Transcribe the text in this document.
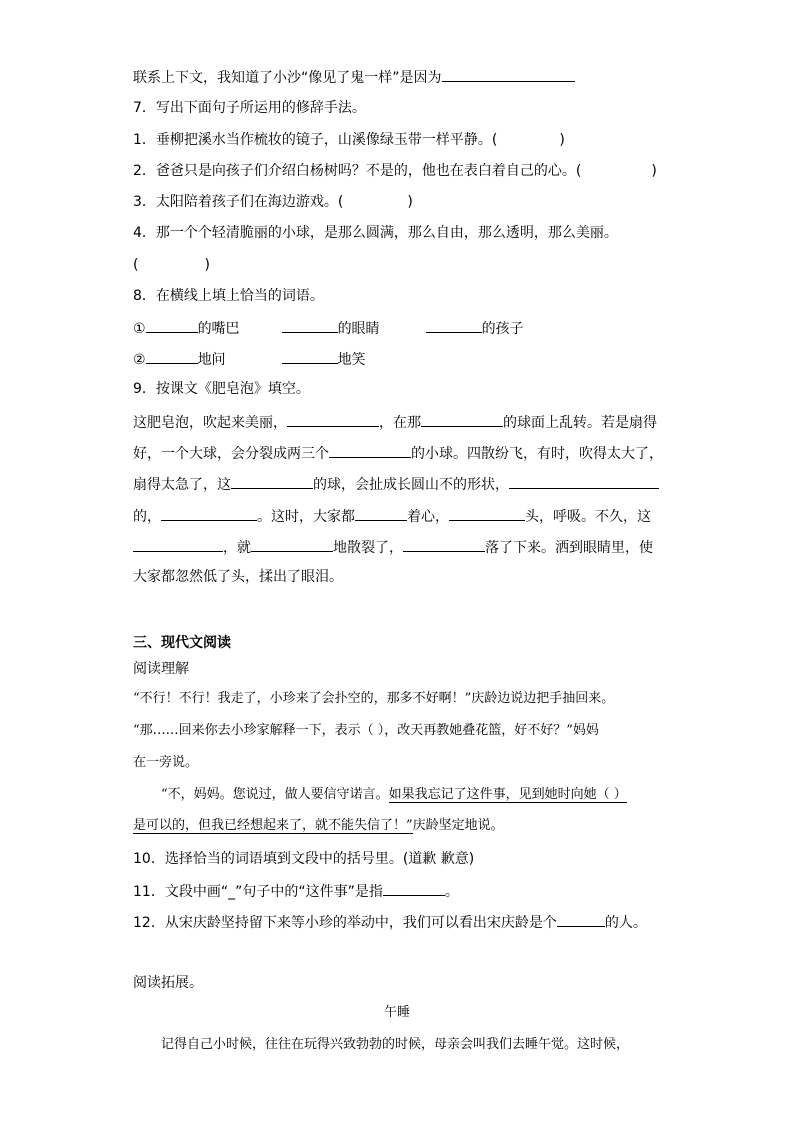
联系上下文，我知道了小沙“像见了鬼一样”是因为
7．写出下面句子所运用的修辞手法。
1．垂柳把溪水当作梳妆的镜子，山溪像绿玉带一样平静。(	)
2．爸爸只是向孩子们介绍白杨树吗？不是的，他也在表白着自己的心。(	)
3．太阳陪着孩子们在海边游戏。(	)
4．那一个个轻清脆丽的小球，是那么圆满，那么自由，那么透明，那么美丽。
(	)
8．在横线上填上恰当的词语。
①	的嘴巴	的眼睛	的孩子
②	地问	地笑
9．按课文《肥皂泡》填空。
这肥皂泡，吹起来美丽，	，在那	的球面上乱转。若是扇得
好，一个大球，会分裂成两三个	的小球。四散纷飞，有时，吹得太大了，
扇得太急了，这	的球，会扯成长圆山不的形状，
的，	。这时，大家都	着心，	头，呼吸。不久，这
，就	地散裂了，	落了下来。洒到眼睛里，使
大家都忽然低了头，揉出了眼泪。
三、现代文阅读
阅读理解
“不行！不行！我走了，小珍来了会扑空的，那多不好啊！”庆龄边说边把手抽回来。
“那……回来你去小珍家解释一下，表示（ ），改天再教她叠花篮，好不好？”妈妈
在一旁说。
“不，妈妈。您说过，做人要信守诺言。如果我忘记了这件事，见到她时向她（ ）
是可以的，但我已经想起来了，就不能失信了！”庆龄坚定地说。
10．选择恰当的词语填到文段中的括号里。(道歉 歉意)
11．文段中画“_”句子中的“这件事”是指	。
12．从宋庆龄坚持留下来等小珍的举动中，我们可以看出宋庆龄是个	的人。
阅读拓展。
午睡
记得自己小时候，往往在玩得兴致勃勃的时候，母亲会叫我们去睡午觉。这时候，
